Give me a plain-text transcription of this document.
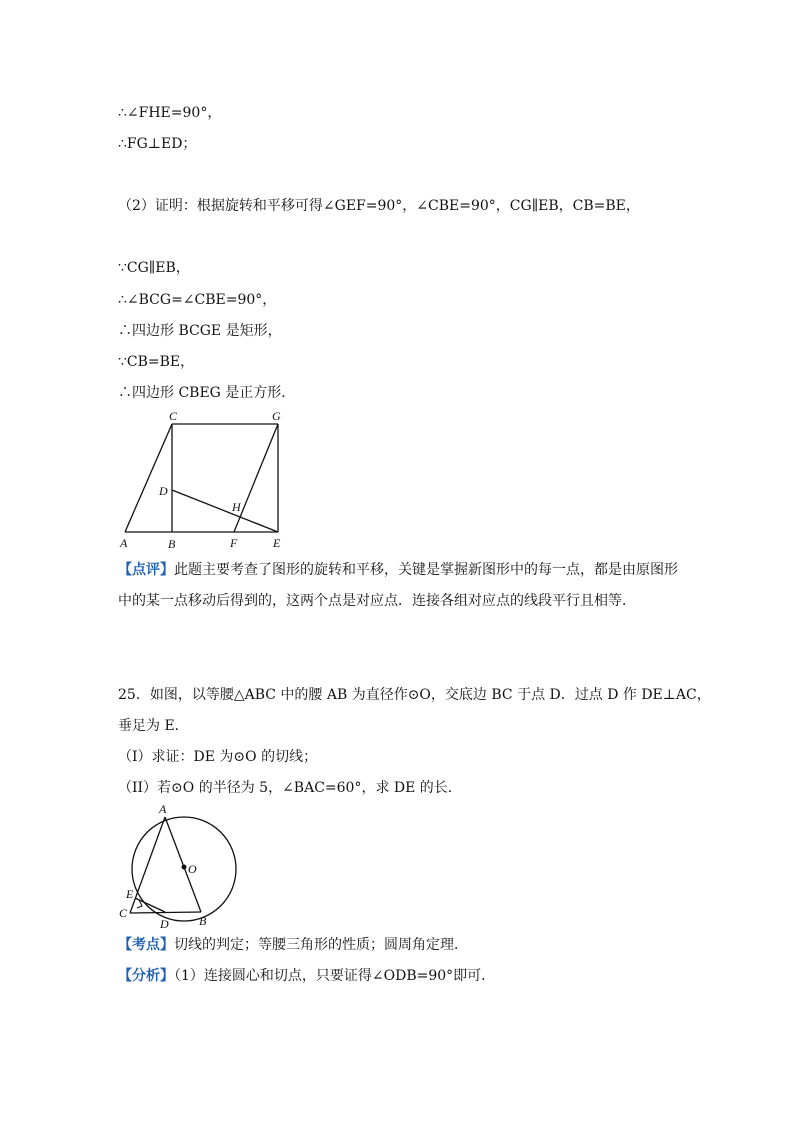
∴∠FHE=90°，
∴FG⊥ED；
（2）证明：根据旋转和平移可得∠GEF=90°，∠CBE=90°，CG∥EB，CB=BE，
∵CG∥EB，
∴∠BCG=∠CBE=90°，
∴四边形 BCGE 是矩形，
∵CB=BE，
∴四边形 CBEG 是正方形．
C	G
D
H
A	B	F	E
【点评】此题主要考查了图形的旋转和平移，关键是掌握新图形中的每一点，都是由原图形
中的某一点移动后得到的，这两个点是对应点．连接各组对应点的线段平行且相等．
25．如图，以等腰△ABC 中的腰 AB 为直径作⊙O，交底边 BC 于点 D．过点 D 作 DE⊥AC，
垂足为 E．
（I）求证：DE 为⊙O 的切线；
（II）若⊙O 的半径为 5，∠BAC=60°，求 DE 的长．
A
O
E
C
D	B
【考点】切线的判定；等腰三角形的性质；圆周角定理．
【分析】（1）连接圆心和切点，只要证得∠ODB=90°即可．
